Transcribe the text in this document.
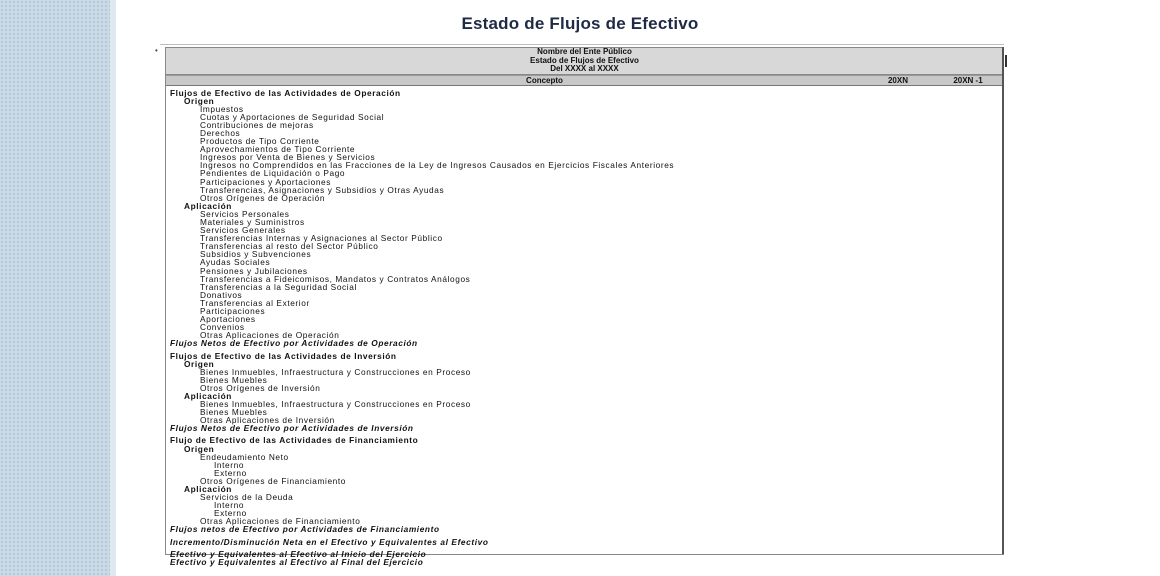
Estado de Flujos de Efectivo
•	Nombre del Ente Público
Estado de Flujos de Efectivo
Del XXXX al XXXX
Concepto	20XN	20XN -1
Flujos de Efectivo de las Actividades de Operación
Origen
Impuestos
Cuotas y Aportaciones de Seguridad Social
Contribuciones de mejoras
Derechos
Productos de Tipo Corriente
Aprovechamientos de Tipo Corriente
Ingresos por Venta de Bienes y Servicios
Ingresos no Comprendidos en las Fracciones de la Ley de Ingresos Causados en Ejercicios Fiscales Anteriores
Pendientes de Liquidación o Pago
Participaciones y Aportaciones
Transferencias, Asignaciones y Subsidios y Otras Ayudas
Otros Orígenes de Operación
Aplicación
Servicios Personales
Materiales y Suministros
Servicios Generales
Transferencias Internas y Asignaciones al Sector Público
Transferencias al resto del Sector Público
Subsidios y Subvenciones
Ayudas Sociales
Pensiones y Jubilaciones
Transferencias a Fideicomisos, Mandatos y Contratos Análogos
Transferencias a la Seguridad Social
Donativos
Transferencias al Exterior
Participaciones
Aportaciones
Convenios
Otras Aplicaciones de Operación
Flujos Netos de Efectivo por Actividades de Operación
Flujos de Efectivo de las Actividades de Inversión
Origen
Bienes Inmuebles, Infraestructura y Construcciones en Proceso
Bienes Muebles
Otros Orígenes de Inversión
Aplicación
Bienes Inmuebles, Infraestructura y Construcciones en Proceso
Bienes Muebles
Otras Aplicaciones de Inversión
Flujos Netos de Efectivo por Actividades de Inversión
Flujo de Efectivo de las Actividades de Financiamiento
Origen
Endeudamiento Neto
Interno
Externo
Otros Orígenes de Financiamiento
Aplicación
Servicios de la Deuda
Interno
Externo
Otras Aplicaciones de Financiamiento
Flujos netos de Efectivo por Actividades de Financiamiento
Incremento/Disminución Neta en el Efectivo y Equivalentes al Efectivo
Efectivo y Equivalentes al Efectivo al Inicio del Ejercicio
Efectivo y Equivalentes al Efectivo al Final del Ejercicio
